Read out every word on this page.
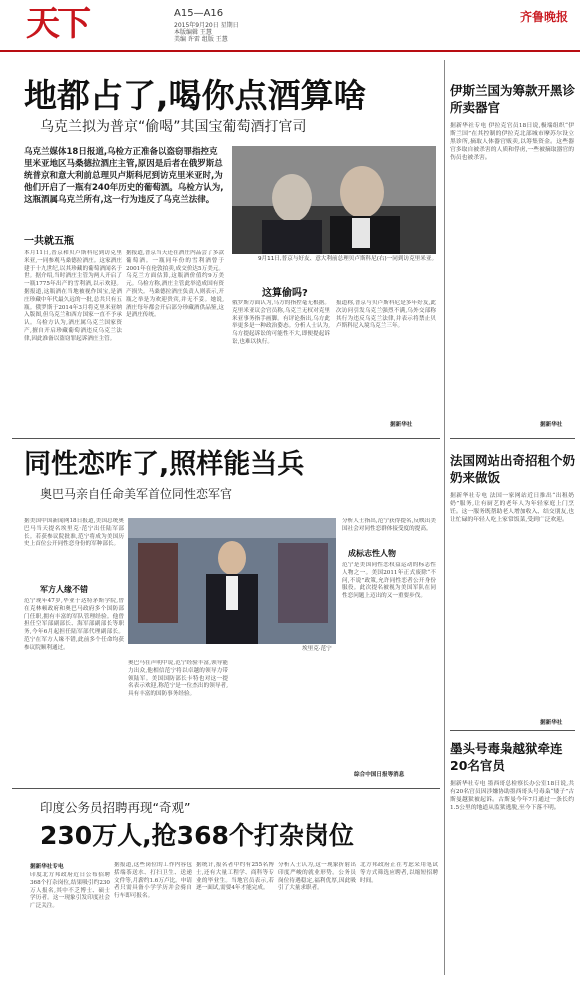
天下	A15—A16
2015年9月20日 星期日
本版编辑 王慧
美编 许雷 组版 王慧
齐鲁晚报
地都占了,喝你点酒算啥
乌克兰拟为普京“偷喝”其国宝葡萄酒打官司
乌克兰媒体18日报道,乌检方正准备以盗窃罪指控克里米亚地区马桑德拉酒庄主管,原因是后者在俄罗斯总统普京和意大利前总理贝卢斯科尼到访克里米亚时,为他们开启了一瓶有240年历史的葡萄酒。乌检方认为,这瓶酒属乌克兰所有,这一行为违反了乌克兰法律。
一共就五瓶
本月11日,普京和贝卢斯科尼到访克里米亚,一同参观马桑德拉酒庄。这家酒庄建于十九世纪,以其珍藏的葡萄酒闻名于世。据介绍,当时酒庄主管为两人开启了一瓶1775年出产的雪利酒,以示欢迎。据报道,这瓶酒在当地被视作国宝,是酒庄珍藏中年代最久远的一批,总共只有五瓶。俄罗斯于2014年3月将克里米亚纳入版图,但乌克兰和西方国家一直不予承认。乌检方认为,酒庄属乌克兰国家资产,擅自开启珍藏葡萄酒违反乌克兰法律,因此准备以盗窃罪起诉酒庄主管。
据报道,普京当天还在酒庄内品尝了多款葡萄酒。一瓶同年份的雪利酒曾于2001年在伦敦拍卖,成交价达5万美元。乌克兰方面估算,这瓶酒价值约9万美元。乌检方称,酒庄主管此举造成国有资产损失。马桑德拉酒庄负责人则表示,开瓶之举是为欢迎贵宾,并无不妥。她说,酒庄每年都会开启部分珍藏酒供品鉴,这是酒庄传统。
9月11日,普京与好友、意大利前总理贝卢斯科尼(右)一同到访克里米亚。
这算偷吗?
俄罗斯方面认为,乌方的指控毫无根据。克里米亚议会官员称,乌克兰无权对克里米亚事务指手画脚。有评论指出,乌方此举更多是一种政治姿态。分析人士认为,乌方提起诉讼的可能性不大,即便提起诉讼,也难以执行。
报道称,普京与贝卢斯科尼是多年好友,此次访问引发乌克兰强烈不满,乌外交部称其行为违反乌克兰法律,并表示将禁止贝卢斯科尼入境乌克兰三年。
据新华社
同性恋咋了,照样能当兵
奥巴马亲自任命美军首位同性恋军官
据美国中国新闻网18日报道,美国总统奥巴马当天提名埃里克·范宁出任陆军部长。若获参议院批准,范宁将成为美国历史上首位公开同性恋身份的军种部长。
军方人缘不错
范宁现年47岁,毕业于达特茅斯学院,曾在克林顿政府和奥巴马政府多个国防部门任职,拥有丰富的军队管理经验。他曾担任空军部副部长、海军部副部长等职务,今年6月起担任陆军部代理副部长。范宁在军方人缘不错,此前多个任命均获参议院顺利通过。	埃里克·范宁
奥巴马在声明中说,范宁经验丰富,领导能力出众,他相信范宁将以卓越的领导力带领陆军。美国国防部长卡特也对这一提名表示欢迎,称范宁是一位杰出的领导者,具有丰富的国防事务经验。
分析人士指出,范宁获得提名,反映出美国社会对同性恋群体接受度的提高。
成标志性人物
范宁是美国同性恋权益运动的标志性人物之一。美国2011年正式废除“不问,不说”政策,允许同性恋者公开身份服役。此次提名被视为美国军队在同性恋问题上迈出的又一重要步伐。
综合中国日报等消息
印度公务员招聘再现“奇观”
230万人,抢368个打杂岗位
据新华社专电
印度北方邦政府近日公布招聘368个打杂岗位,结果吸引约230万人报名,其中不乏博士、硕士学历者。这一现象引发印度社会广泛关注。
据报道,这些岗位的工作内容包括端茶送水、打扫卫生、送递文件等,月薪约1.6万卢比。申请者只需具备小学学历并会骑自行车即可报名。
据统计,报名者中约有255名博士,还有大量工程学、商科等专业的毕业生。当地官员表示,若逐一面试,需要4年才能完成。
分析人士认为,这一现象折射出印度严峻的就业形势。公务员岗位待遇稳定,福利优厚,因此吸引了大量求职者。
北方邦政府正在考虑采用笔试等方式筛选应聘者,以缩短招聘时间。
伊斯兰国为筹款开黑诊所卖器官
据新华社专电 伊拉克官员18日说,极端组织“伊斯兰国”在其控制的伊拉克北部城市摩苏尔设立黑诊所,摘取人体器官贩卖,以筹集资金。这些器官多取自被杀害的人质和俘虏,一些被摘取器官的伤员也被杀害。
据新华社
法国网站出奇招租个奶奶来做饭
据新华社专电 法国一家网站近日推出“出租奶奶”服务,让有厨艺的老年人为年轻家庭上门烹饪。这一服务既帮助老人增加收入、结交朋友,也让忙碌的年轻人吃上家常饭菜,受到广泛欢迎。
据新华社
墨头号毒枭越狱牵连20名官员
据新华社专电 墨西哥总检察长办公室18日说,共有20名官员因涉嫌协助墨西哥头号毒枭“矮子”古斯曼越狱被起诉。古斯曼今年7月通过一条长约1.5公里的地道从监狱逃脱,至今下落不明。
